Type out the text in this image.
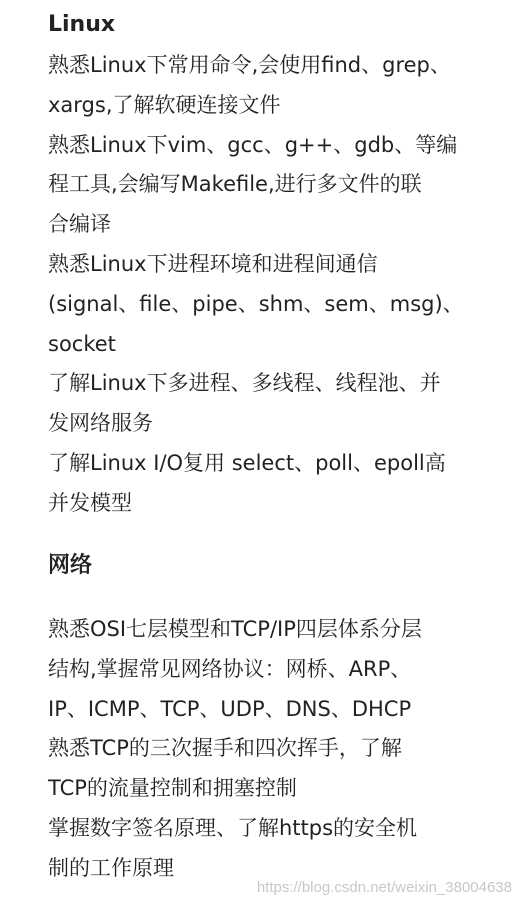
Linux
熟悉Linux下常用命令,会使用find、grep、
xargs,了解软硬连接文件
熟悉Linux下vim、gcc、g++、gdb、等编
程工具,会编写Makefile,进行多文件的联
合编译
熟悉Linux下进程环境和进程间通信
(signal、file、pipe、shm、sem、msg)、
socket
了解Linux下多进程、多线程、线程池、并
发网络服务
了解Linux I/O复用 select、poll、epoll高
并发模型
网络
熟悉OSI七层模型和TCP/IP四层体系分层
结构,掌握常见网络协议：网桥、ARP、
IP、ICMP、TCP、UDP、DNS、DHCP
熟悉TCP的三次握手和四次挥手，了解
TCP的流量控制和拥塞控制
掌握数字签名原理、了解https的安全机
制的工作原理
https://blog.csdn.net/weixin_38004638
